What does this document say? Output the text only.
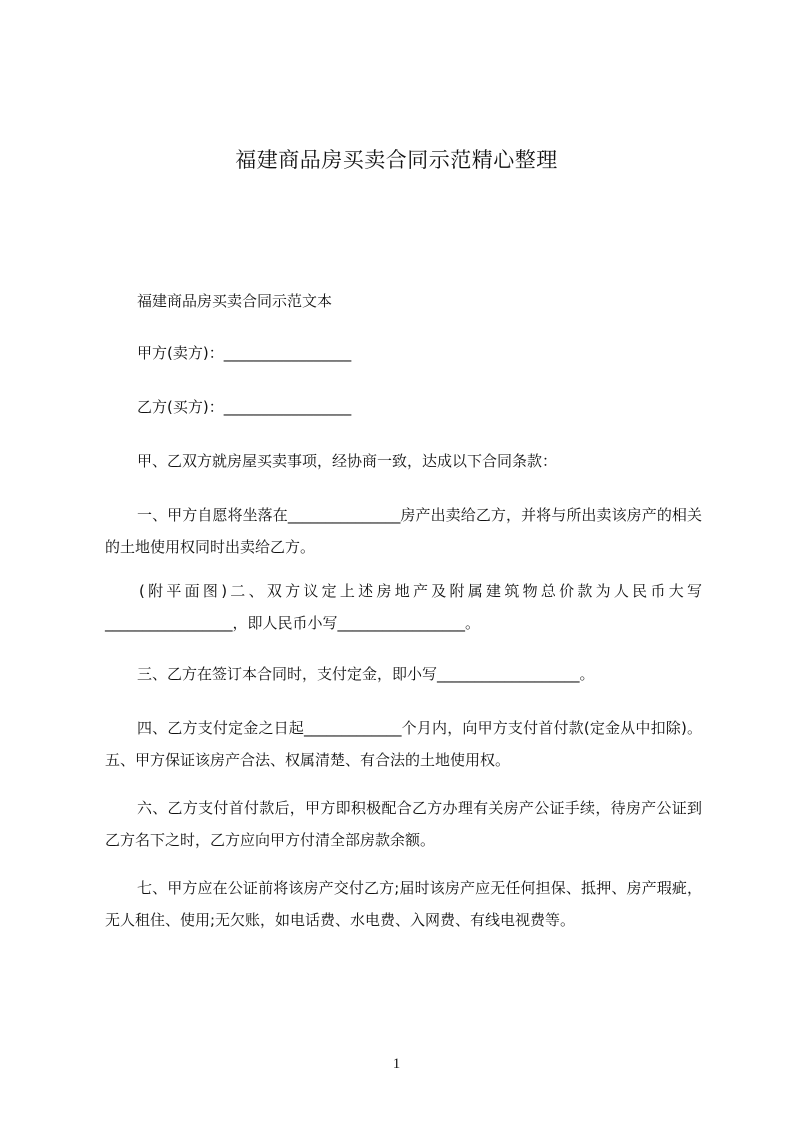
福建商品房买卖合同示范精心整理

福建商品房买卖合同示范文本

甲方(卖方)：_________________

乙方(买方)：_________________

甲、乙双方就房屋买卖事项，经协商一致，达成以下合同条款：

一、甲方自愿将坐落在_______________房产出卖给乙方，并将与所出卖该房产的相关的土地使用权同时出卖给乙方。

(附平面图)二、双方议定上述房地产及附属建筑物总价款为人民币大写_________________，即人民币小写_________________。

三、乙方在签订本合同时，支付定金，即小写___________________。

四、乙方支付定金之日起_____________个月内，向甲方支付首付款(定金从中扣除)。五、甲方保证该房产合法、权属清楚、有合法的土地使用权。

六、乙方支付首付款后，甲方即积极配合乙方办理有关房产公证手续，待房产公证到乙方名下之时，乙方应向甲方付清全部房款余额。

七、甲方应在公证前将该房产交付乙方;届时该房产应无任何担保、抵押、房产瑕疵，无人租住、使用;无欠账，如电话费、水电费、入网费、有线电视费等。

1
